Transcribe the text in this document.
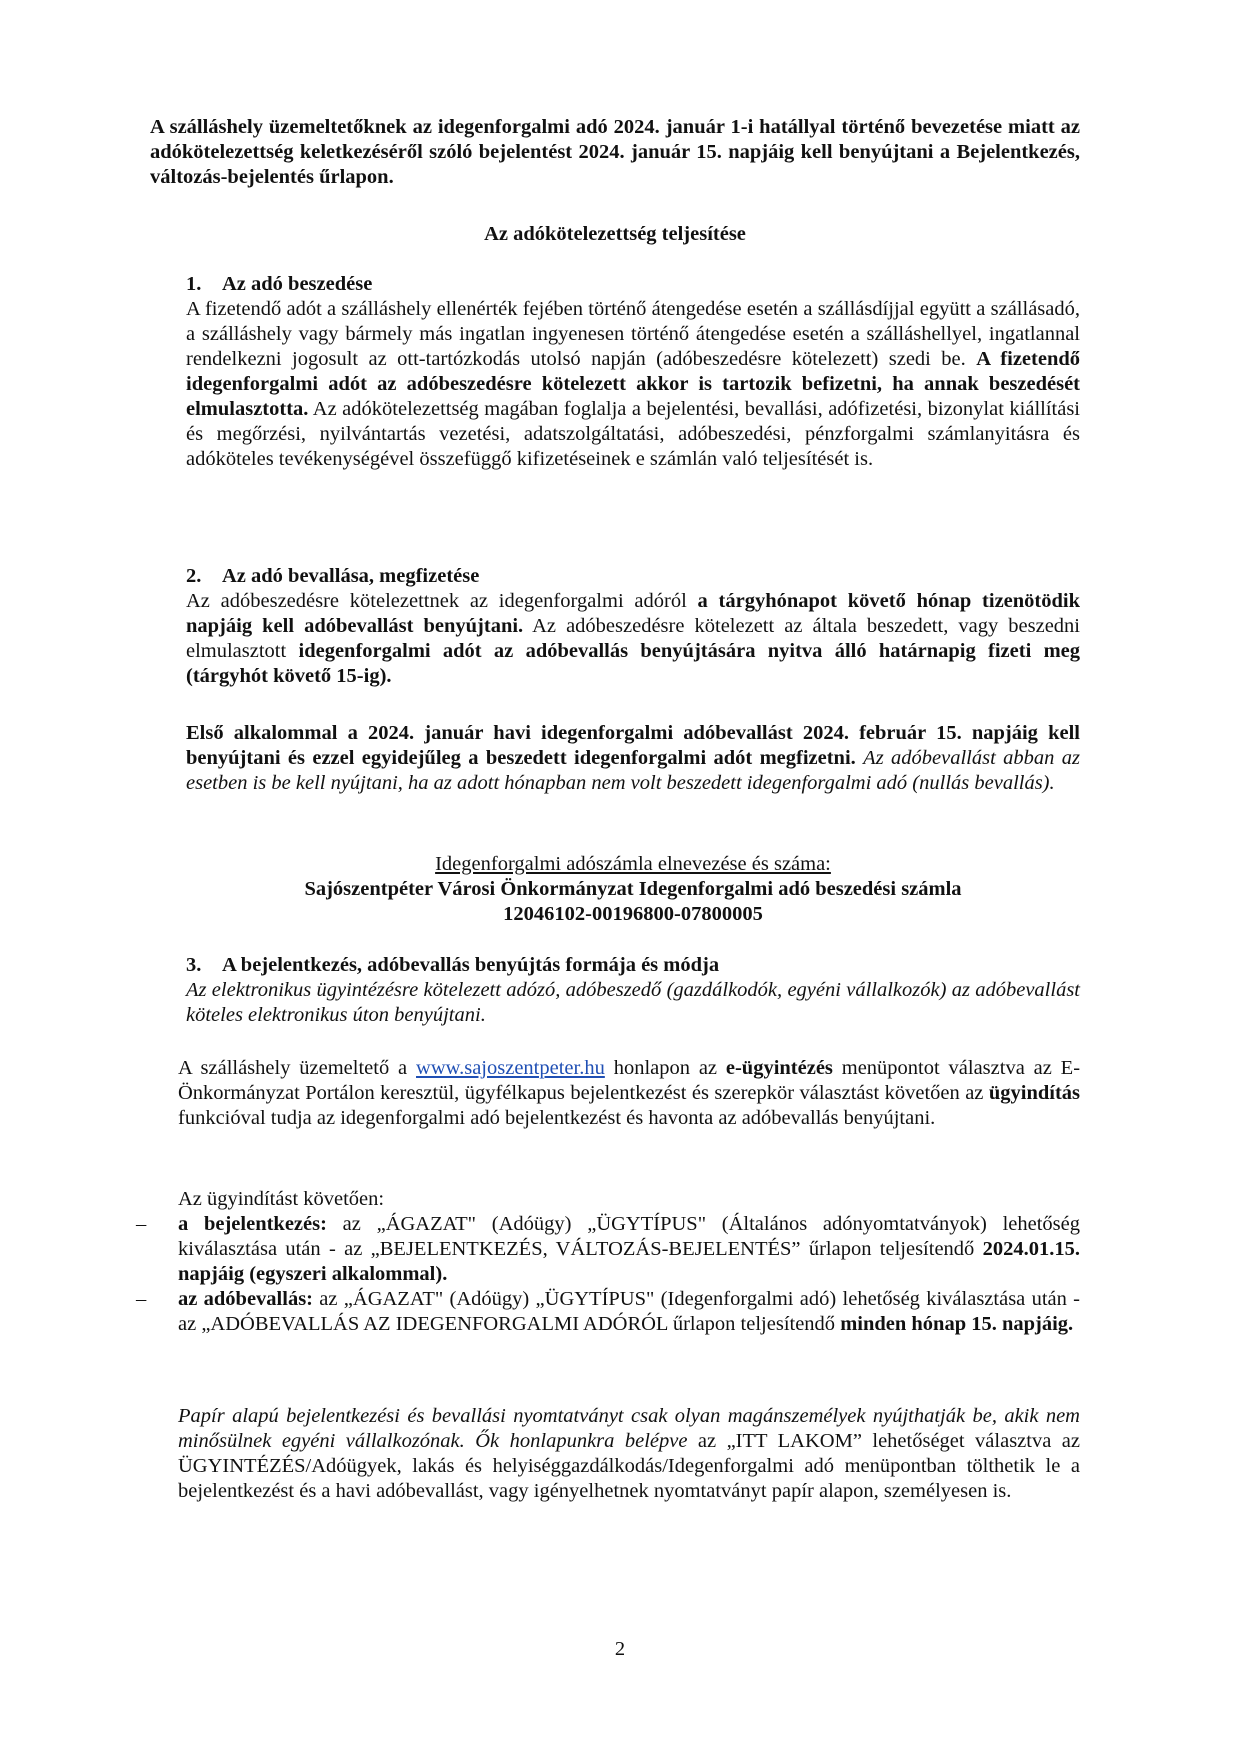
A szálláshely üzemeltetőknek az idegenforgalmi adó 2024. január 1-i hatállyal történő bevezetése miatt az adókötelezettség keletkezéséről szóló bejelentést 2024. január 15. napjáig kell benyújtani a Bejelentkezés, változás-bejelentés űrlapon.

Az adókötelezettség teljesítése

1. Az adó beszedése

A fizetendő adót a szálláshely ellenérték fejében történő átengedése esetén a szállásdíjjal együtt a szállásadó, a szálláshely vagy bármely más ingatlan ingyenesen történő átengedése esetén a szálláshellyel, ingatlannal rendelkezni jogosult az ott-tartózkodás utolsó napján (adóbeszedésre kötelezett) szedi be. A fizetendő idegenforgalmi adót az adóbeszedésre kötelezett akkor is tartozik befizetni, ha annak beszedését elmulasztotta. Az adókötelezettség magában foglalja a bejelentési, bevallási, adófizetési, bizonylat kiállítási és megőrzési, nyilvántartás vezetési, adatszolgáltatási, adóbeszedési, pénzforgalmi számlanyitásra és adóköteles tevékenységével összefüggő kifizetéseinek e számlán való teljesítését is.

2. Az adó bevallása, megfizetése

Az adóbeszedésre kötelezettnek az idegenforgalmi adóról a tárgyhónapot követő hónap tizenötödik napjáig kell adóbevallást benyújtani. Az adóbeszedésre kötelezett az általa beszedett, vagy beszedni elmulasztott idegenforgalmi adót az adóbevallás benyújtására nyitva álló határnapig fizeti meg (tárgyhót követő 15-ig).

Első alkalommal a 2024. január havi idegenforgalmi adóbevallást 2024. február 15. napjáig kell benyújtani és ezzel egyidejűleg a beszedett idegenforgalmi adót megfizetni. Az adóbevallást abban az esetben is be kell nyújtani, ha az adott hónapban nem volt beszedett idegenforgalmi adó (nullás bevallás).

Idegenforgalmi adószámla elnevezése és száma:

Sajószentpéter Városi Önkormányzat Idegenforgalmi adó beszedési számla

12046102-00196800-07800005

3. A bejelentkezés, adóbevallás benyújtás formája és módja

Az elektronikus ügyintézésre kötelezett adózó, adóbeszedő (gazdálkodók, egyéni vállalkozók) az adóbevallást köteles elektronikus úton benyújtani.

A szálláshely üzemeltető a www.sajoszentpeter.hu honlapon az e-ügyintézés menüpontot választva az E-Önkormányzat Portálon keresztül, ügyfélkapus bejelentkezést és szerepkör választást követően az ügyindítás funkcióval tudja az idegenforgalmi adó bejelentkezést és havonta az adóbevallás benyújtani.

Az ügyindítást követően:

– a bejelentkezés: az „ÁGAZAT" (Adóügy) „ÜGYTÍPUS" (Általános adónyomtatványok) lehetőség kiválasztása után - az „BEJELENTKEZÉS, VÁLTOZÁS-BEJELENTÉS” űrlapon teljesítendő 2024.01.15. napjáig (egyszeri alkalommal).

– az adóbevallás: az „ÁGAZAT" (Adóügy) „ÜGYTÍPUS" (Idegenforgalmi adó) lehetőség kiválasztása után - az „ADÓBEVALLÁS AZ IDEGENFORGALMI ADÓRÓL űrlapon teljesítendő minden hónap 15. napjáig.

Papír alapú bejelentkezési és bevallási nyomtatványt csak olyan magánszemélyek nyújthatják be, akik nem minősülnek egyéni vállalkozónak. Ők honlapunkra belépve az „ITT LAKOM” lehetőséget választva az ÜGYINTÉZÉS/Adóügyek, lakás és helyiséggazdálkodás/Idegenforgalmi adó menüpontban tölthetik le a bejelentkezést és a havi adóbevallást, vagy igényelhetnek nyomtatványt papír alapon, személyesen is.

2
